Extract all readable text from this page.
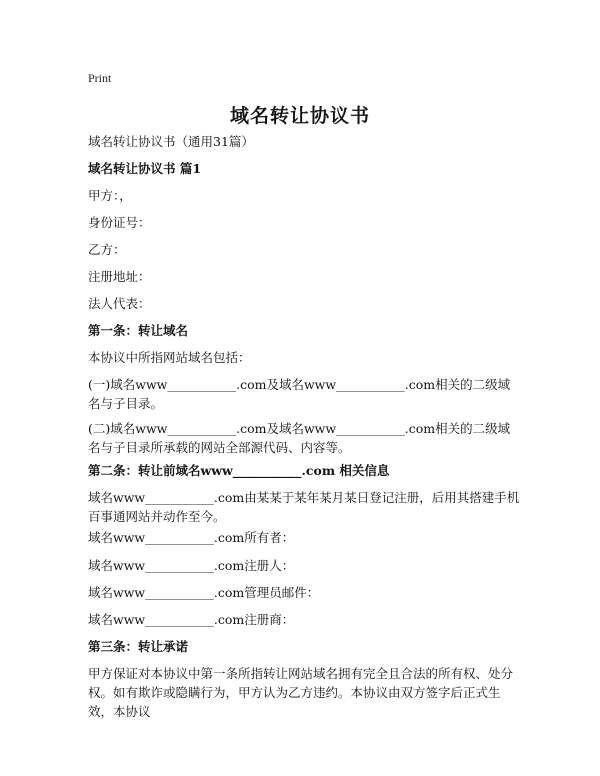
Print
域名转让协议书
域名转让协议书（通用31篇）
域名转让协议书 篇1
甲方：，
身份证号：
乙方：
注册地址：
法人代表：
第一条：转让域名
本协议中所指网站域名包括：
(一)域名www___________.com及域名www___________.com相关的二级域名与子目录。
(二)域名www___________.com及域名www___________.com相关的二级域名与子目录所承载的网站全部源代码、内容等。
第二条：转让前域名www___________.com 相关信息
域名www___________.com由某某于某年某月某日登记注册，后用其搭建手机百事通网站并动作至今。
域名www___________.com所有者：
域名www___________.com注册人：
域名www___________.com管理员邮件：
域名www___________.com注册商：
第三条：转让承诺
甲方保证对本协议中第一条所指转让网站域名拥有完全且合法的所有权、处分权。如有欺诈或隐瞒行为，甲方认为乙方违约。本协议由双方签字后正式生效，本协议
